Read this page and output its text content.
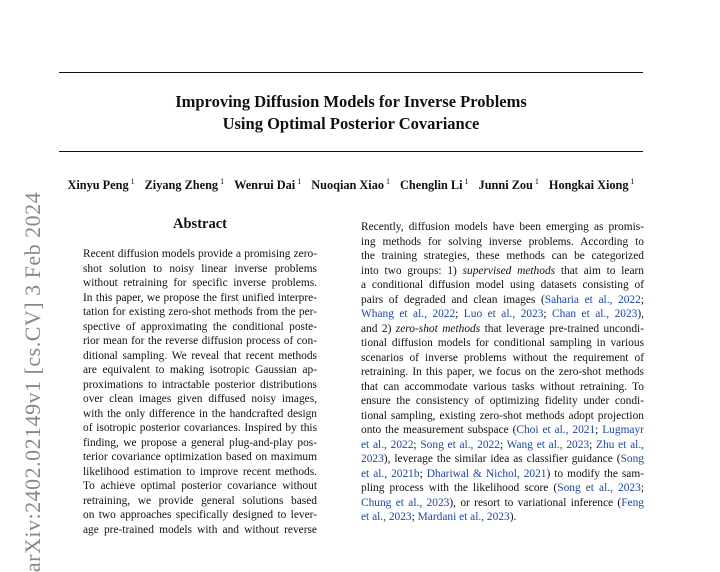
Improving Diffusion Models for Inverse Problems
Using Optimal Posterior Covariance
Xinyu Peng $^1$ Ziyang Zheng $^1$ Wenrui Dai $^1$ Nuoqian Xiao $^1$ Chenglin Li $^1$ Junni Zou $^1$ Hongkai Xiong $^1$
arXiv:2402.02149v1 [cs.CV] 3 Feb 2024	Abstract
Recent diffusion models provide a promising zero-
shot solution to noisy linear inverse problems
without retraining for specific inverse problems.
In this paper, we propose the first unified interpre-
tation for existing zero-shot methods from the per-
spective of approximating the conditional poste-
rior mean for the reverse diffusion process of con-
ditional sampling. We reveal that recent methods
are equivalent to making isotropic Gaussian ap-
proximations to intractable posterior distributions
over clean images given diffused noisy images,
with the only difference in the handcrafted design
of isotropic posterior covariances. Inspired by this
finding, we propose a general plug-and-play pos-
terior covariance optimization based on maximum
likelihood estimation to improve recent methods.
To achieve optimal posterior covariance without
retraining, we provide general solutions based
on two approaches specifically designed to lever-
age pre-trained models with and without reverse
Recently, diffusion models have been emerging as promis-
ing methods for solving inverse problems. According to
the training strategies, these methods can be categorized
into two groups: 1) supervised methods that aim to learn
a conditional diffusion model using datasets consisting of
pairs of degraded and clean images (Saharia et al., 2022;
Whang et al., 2022; Luo et al., 2023; Chan et al., 2023),
and 2) zero-shot methods that leverage pre-trained uncondi-
tional diffusion models for conditional sampling in various
scenarios of inverse problems without the requirement of
retraining. In this paper, we focus on the zero-shot methods
that can accommodate various tasks without retraining. To
ensure the consistency of optimizing fidelity under condi-
tional sampling, existing zero-shot methods adopt projection
onto the measurement subspace (Choi et al., 2021; Lugmayr
et al., 2022; Song et al., 2022; Wang et al., 2023; Zhu et al.,
2023), leverage the similar idea as classifier guidance (Song
et al., 2021b; Dhariwal & Nichol, 2021) to modify the sam-
pling process with the likelihood score (Song et al., 2023;
Chung et al., 2023), or resort to variational inference (Feng
et al., 2023; Mardani et al., 2023).
